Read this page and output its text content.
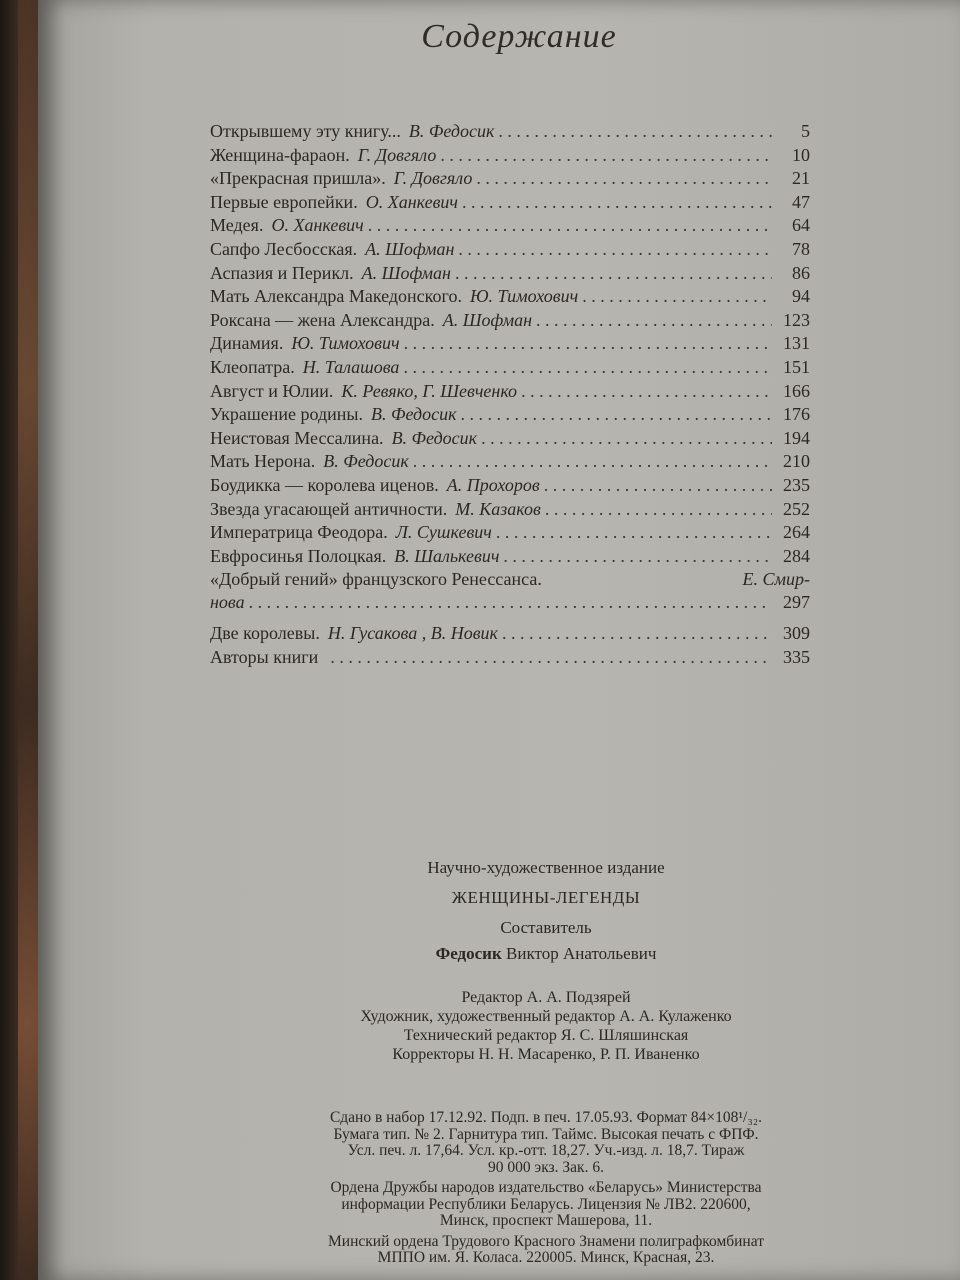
Содержание
Открывшему эту книгу... В. Федосик . . .	5
Женщина-фараон. Г. Довгяло . . .	10
«Прекрасная пришла». Г. Довгяло . . .	21
Первые европейки. О. Ханкевич . . .	47
Медея. О. Ханкевич . . .	64
Сапфо Лесбосская. А. Шофман . . .	78
Аспазия и Перикл. А. Шофман . . .	86
Мать Александра Македонского. Ю. Тимохович . . .	94
Роксана — жена Александра. А. Шофман . . .	123
Динамия. Ю. Тимохович . . .	131
Клеопатра. Н. Талашова . . .	151
Август и Юлии. К. Ревяко, Г. Шевченко . . .	166
Украшение родины. В. Федосик . . .	176
Неистовая Мессалина. В. Федосик . . .	194
Мать Нерона. В. Федосик . . .	210
Боудикка — королева иценов. А. Прохоров . . .	235
Звезда угасающей античности. М. Казаков . . .	252
Императрица Феодора. Л. Сушкевич . . .	264
Евфросинья Полоцкая. В. Шалькевич . . .	284
«Добрый гений» французского Ренессанса.	Е. Смир-
нова . . .	297
Две королевы. Н. Гусакова , В. Новик . . .	309
Авторы книги . . .	335
Научно-художественное издание
ЖЕНЩИНЫ-ЛЕГЕНДЫ
Составитель
Федосик Виктор Анатольевич
Редактор А. А. Подзярей
Художник, художественный редактор А. А. Кулаженко
Технический редактор Я. С. Шляшинская
Корректоры Н. Н. Масаренко, Р. П. Иваненко
Сдано в набор 17.12.92. Подп. в печ. 17.05.93. Формат 84×108¹/₃₂.
Бумага тип. № 2. Гарнитура тип. Таймс. Высокая печать с ФПФ.
Усл. печ. л. 17,64. Усл. кр.-отт. 18,27. Уч.-изд. л. 18,7. Тираж
90 000 экз. Зак. 6.
Ордена Дружбы народов издательство «Беларусь» Министерства
информации Республики Беларусь. Лицензия № ЛВ2. 220600,
Минск, проспект Машерова, 11.
Минский ордена Трудового Красного Знамени полиграфкомбинат
МППО им. Я. Коласа. 220005. Минск, Красная, 23.
